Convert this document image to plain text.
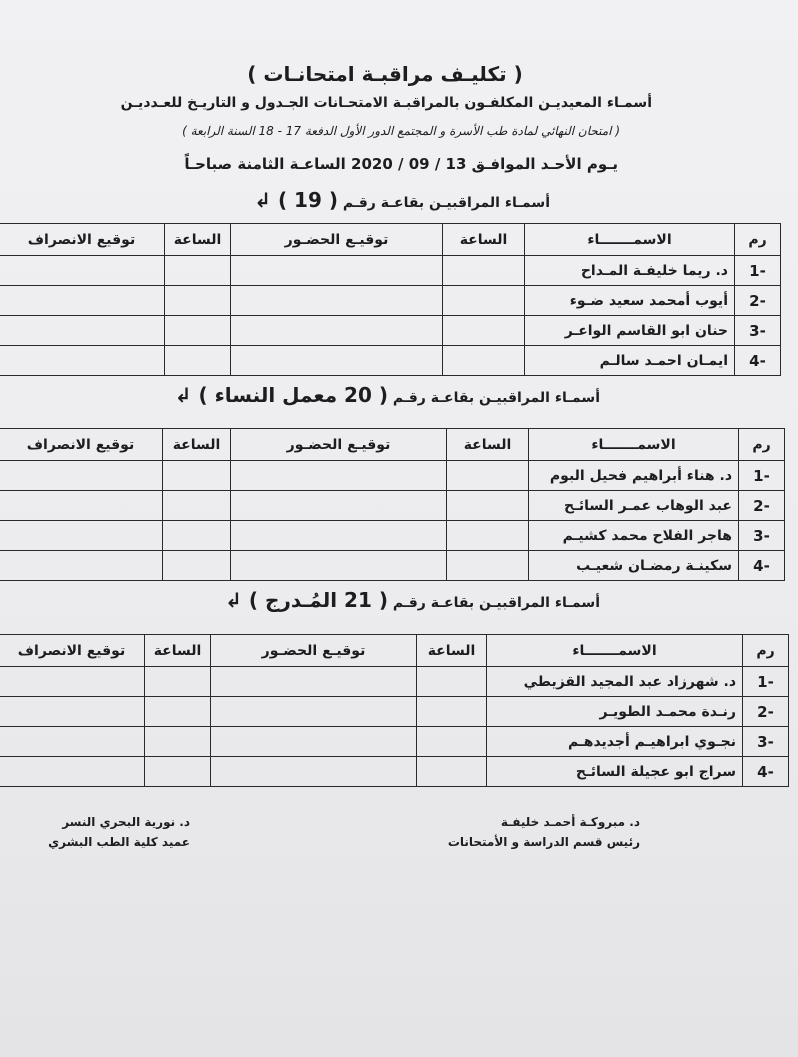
( تكليـف مراقبـة امتحانـات )
أسمـاء المعيديـن المكلفـون بالمراقبـة الامتحـانات الجـدول و التاريـخ للعـدديـن
( امتحان النهائي لمادة طب الأسرة و المجتمع الدور الأول الدفعة 17 - 18 السنة الرابعة )
يـوم الأحـد الموافـق 13 / 09 / 2020 الساعـة الثامنة صباحـاً
أسمـاء المراقبيـن بقاعـة رقـم ( 19 ) ↲
رم	الاسمـــــــاء	الساعة	توقيـع الحضـور	الساعة	توقيع الانصراف
-1	د. ريما خليفـة المـداح				
-2	أيوب أمحمد سعيد ضـوء				
-3	حنان ابو القاسم الواعـر				
-4	ايمـان احمـد سالـم				
أسمـاء المراقبيـن بقاعـة رقـم ( 20 معمل النساء ) ↲
رم	الاسمـــــــاء	الساعة	توقيـع الحضـور	الساعة	توقيع الانصراف
-1	د. هناء أبراهيم فحيل البوم				
-2	عبد الوهاب عمـر السائـح				
-3	هاجر الفلاح محمد كشيـم				
-4	سكينـة رمضـان شعيـب				
أسمـاء المراقبيـن بقاعـة رقـم ( 21 المُـدرج ) ↲
رم	الاسمـــــــاء	الساعة	توقيـع الحضـور	الساعة	توقيع الانصراف
-1	د. شهرزاد عبد المجيد القزيطي				
-2	رنـدة محمـد الطويـر				
-3	نجـوي ابراهيـم أجديدهـم				
-4	سراج ابو عجيلة السائـح				
د. مبروكـة أحمـد خليفـة
رئيس قسم الدراسة و الأمتحانات
د. نورية البحري النسر
عميد كلية الطب البشري
